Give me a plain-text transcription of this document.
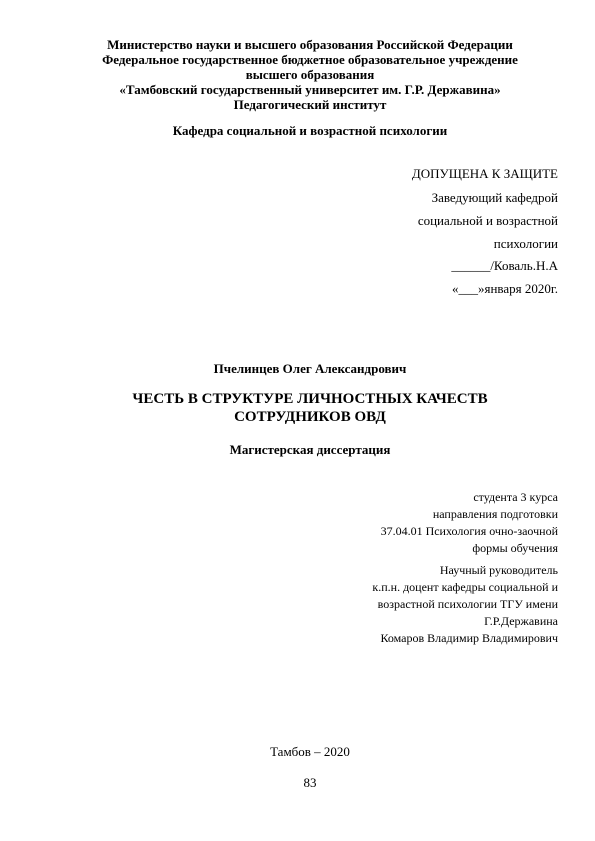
Министерство науки и высшего образования Российской Федерации
Федеральное государственное бюджетное образовательное учреждение
высшего образования
«Тамбовский государственный университет им. Г.Р. Державина»
Педагогический институт
Кафедра социальной и возрастной психологии
ДОПУЩЕНА К ЗАЩИТЕ
Заведующий кафедрой
социальной и возрастной
психологии
______/Коваль.Н.А
«___»января 2020г.
Пчелинцев Олег Александрович
ЧЕСТЬ В СТРУКТУРЕ ЛИЧНОСТНЫХ КАЧЕСТВ
СОТРУДНИКОВ ОВД
Магистерская диссертация
студента 3 курса
направления подготовки
37.04.01 Психология очно-заочной
формы обучения
Научный руководитель
к.п.н. доцент кафедры социальной и
возрастной психологии ТГУ имени
Г.Р.Державина
Комаров Владимир Владимирович
Тамбов – 2020
83
